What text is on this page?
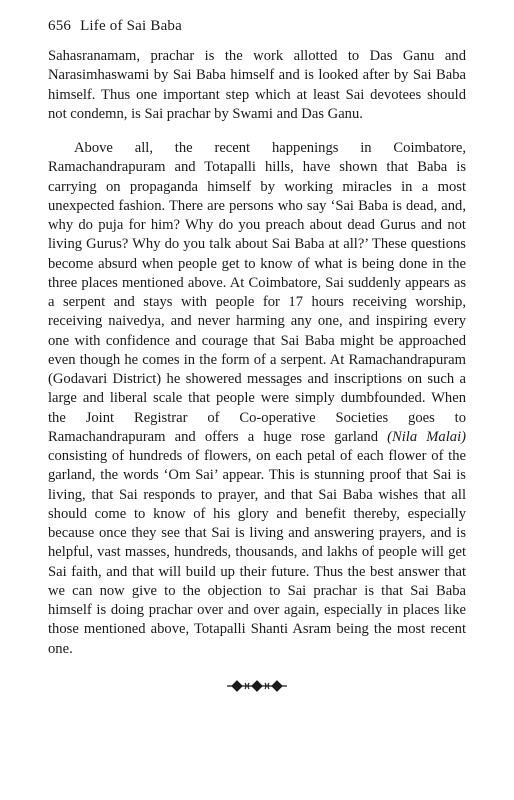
656 Life of Sai Baba

Sahasranamam, prachar is the work allotted to Das Ganu and Narasimhaswami by Sai Baba himself and is looked after by Sai Baba himself. Thus one important step which at least Sai devotees should not condemn, is Sai prachar by Swami and Das Ganu.

Above all, the recent happenings in Coimbatore, Ramachandrapuram and Totapalli hills, have shown that Baba is carrying on propaganda himself by working miracles in a most unexpected fashion. There are persons who say ‘Sai Baba is dead, and, why do puja for him? Why do you preach about dead Gurus and not living Gurus? Why do you talk about Sai Baba at all?’ These questions become absurd when people get to know of what is being done in the three places mentioned above. At Coimbatore, Sai suddenly appears as a serpent and stays with people for 17 hours receiving worship, receiving naivedya, and never harming any one, and inspiring every one with confidence and courage that Sai Baba might be approached even though he comes in the form of a serpent. At Ramachandrapuram (Godavari District) he showered messages and inscriptions on such a large and liberal scale that people were simply dumbfounded. When the Joint Registrar of Co-operative Societies goes to Ramachandrapuram and offers a huge rose garland (Nila Malai) consisting of hundreds of flowers, on each petal of each flower of the garland, the words ‘Om Sai’ appear. This is stunning proof that Sai is living, that Sai responds to prayer, and that Sai Baba wishes that all should come to know of his glory and benefit thereby, especially because once they see that Sai is living and answering prayers, and is helpful, vast masses, hundreds, thousands, and lakhs of people will get Sai faith, and that will build up their future. Thus the best answer that we can now give to the objection to Sai prachar is that Sai Baba himself is doing prachar over and over again, especially in places like those mentioned above, Totapalli Shanti Asram being the most recent one.
